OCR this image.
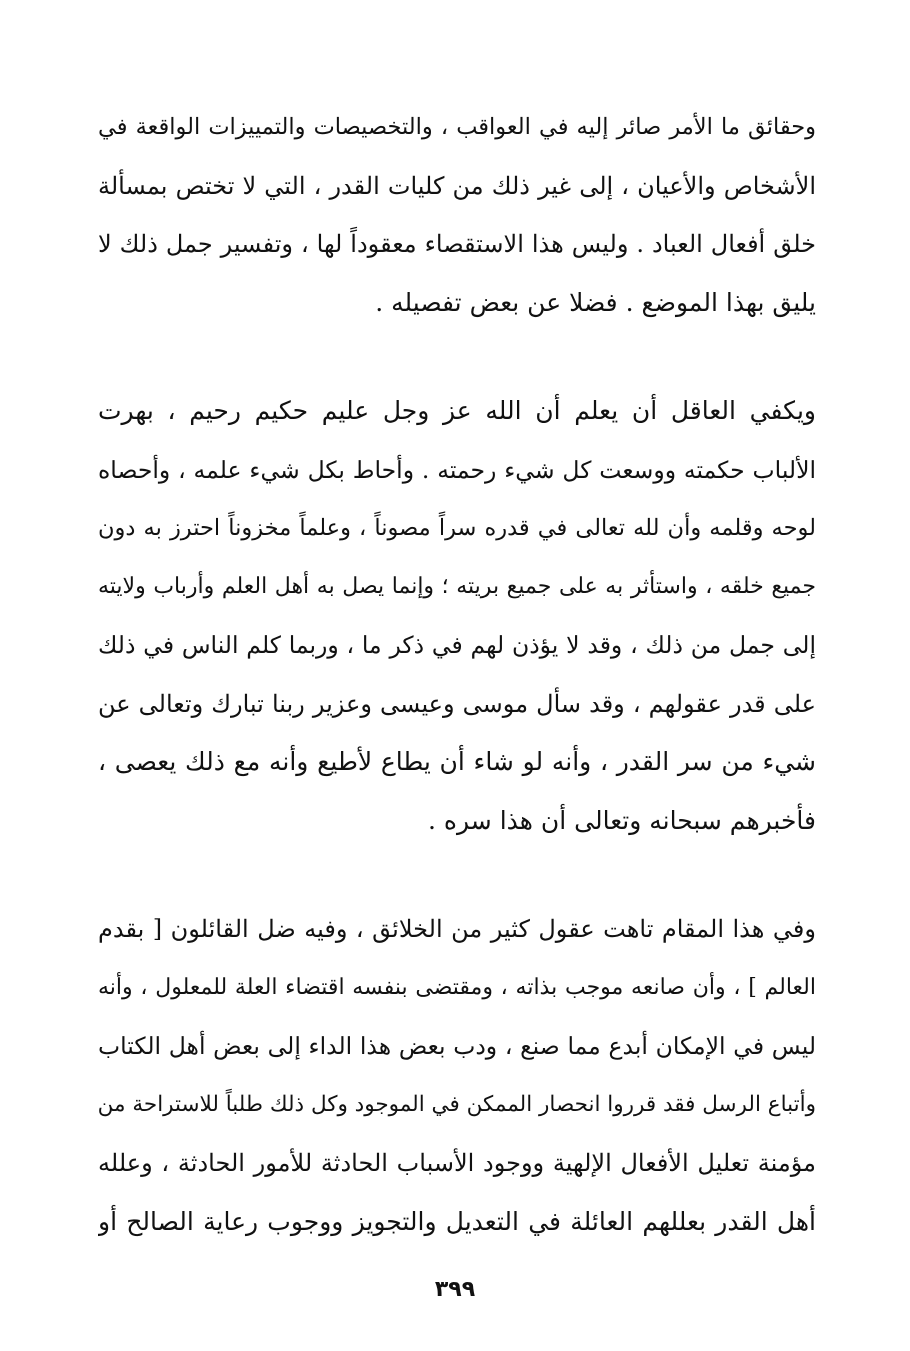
وحقائق ما الأمر صائر إليه في العواقب ، والتخصيصات والتمييزات الواقعة في
الأشخاص والأعيان ، إلى غير ذلك من كليات القدر ، التي لا تختص بمسألة
خلق أفعال العباد . وليس هذا الاستقصاء معقوداً لها ، وتفسير جمل ذلك لا
يليق بهذا الموضع . فضلا عن بعض تفصيله .

ويكفي العاقل أن يعلم أن الله عز وجل عليم حكيم رحيم ، بهرت
الألباب حكمته ووسعت كل شيء رحمته . وأحاط بكل شيء علمه ، وأحصاه
لوحه وقلمه وأن لله تعالى في قدره سراً مصوناً ، وعلماً مخزوناً احترز به دون
جميع خلقه ، واستأثر به على جميع بريته ؛ وإنما يصل به أهل العلم وأرباب ولايته
إلى جمل من ذلك ، وقد لا يؤذن لهم في ذكر ما ، وربما كلم الناس في ذلك
على قدر عقولهم ، وقد سأل موسى وعيسى وعزير ربنا تبارك وتعالى عن
شيء من سر القدر ، وأنه لو شاء أن يطاع لأطيع وأنه مع ذلك يعصى ،
فأخبرهم سبحانه وتعالى أن هذا سره .

وفي هذا المقام تاهت عقول كثير من الخلائق ، وفيه ضل القائلون [ بقدم
العالم ] ، وأن صانعه موجب بذاته ، ومقتضى بنفسه اقتضاء العلة للمعلول ، وأنه
ليس في الإمكان أبدع مما صنع ، ودب بعض هذا الداء إلى بعض أهل الكتاب
وأتباع الرسل فقد قرروا انحصار الممكن في الموجود وكل ذلك طلباً للاستراحة من
مؤمنة تعليل الأفعال الإلهية ووجود الأسباب الحادثة للأمور الحادثة ، وعلله
أهل القدر بعللهم العائلة في التعديل والتجويز ووجوب رعاية الصالح أو

٣٩٩
